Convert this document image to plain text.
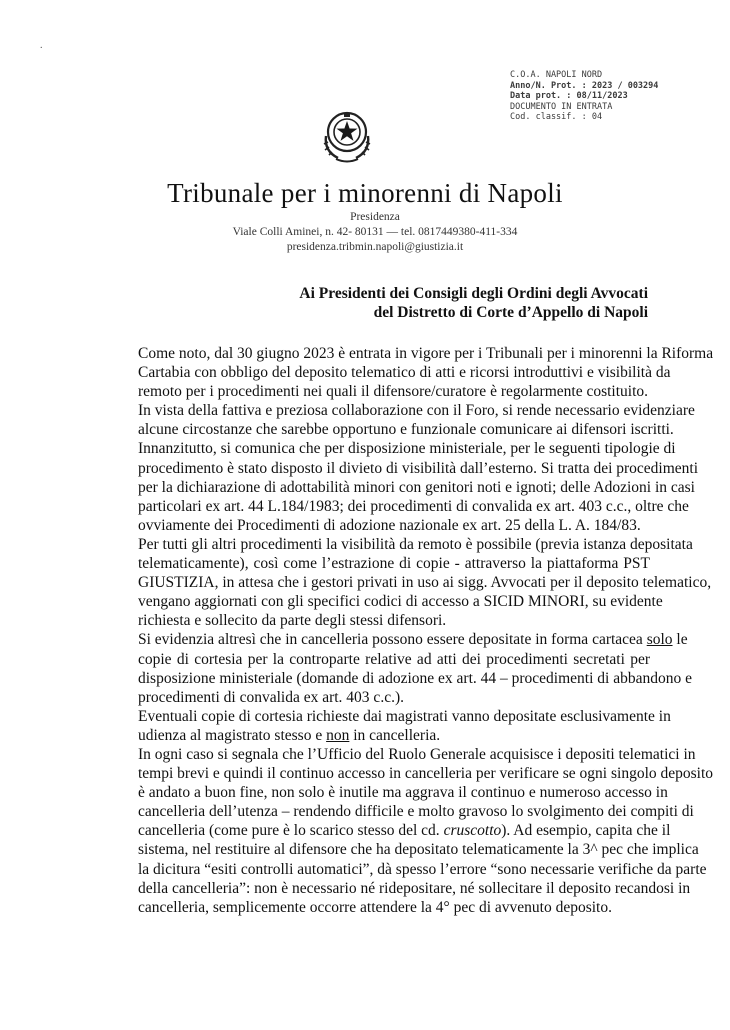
.
C.O.A. NAPOLI NORD
Anno/N. Prot. : 2023 / 003294
Data prot. : 08/11/2023
DOCUMENTO IN ENTRATA
Cod. classif. : 04
Tribunale per i minorenni di Napoli
Presidenza
Viale Colli Aminei, n. 42- 80131 — tel. 0817449380-411-334
presidenza.tribmin.napoli@giustizia.it
Ai Presidenti dei Consigli degli Ordini degli Avvocati
del Distretto di Corte d’Appello di Napoli
Come noto, dal 30 giugno 2023 è entrata in vigore per i Tribunali per i minorenni la Riforma
Cartabia con obbligo del deposito telematico di atti e ricorsi introduttivi e visibilità da
remoto per i procedimenti nei quali il difensore/curatore è regolarmente costituito.
In vista della fattiva e preziosa collaborazione con il Foro, si rende necessario evidenziare
alcune circostanze che sarebbe opportuno e funzionale comunicare ai difensori iscritti.
Innanzitutto, si comunica che per disposizione ministeriale, per le seguenti tipologie di
procedimento è stato disposto il divieto di visibilità dall’esterno. Si tratta dei procedimenti
per la dichiarazione di adottabilità minori con genitori noti e ignoti; delle Adozioni in casi
particolari ex art. 44 L.184/1983; dei procedimenti di convalida ex art. 403 c.c., oltre che
ovviamente dei Procedimenti di adozione nazionale ex art. 25 della L. A. 184/83.
Per tutti gli altri procedimenti la visibilità da remoto è possibile (previa istanza depositata
telematicamente), così come l’estrazione di copie - attraverso la piattaforma PST
GIUSTIZIA, in attesa che i gestori privati in uso ai sigg. Avvocati per il deposito telematico,
vengano aggiornati con gli specifici codici di accesso a SICID MINORI, su evidente
richiesta e sollecito da parte degli stessi difensori.
Si evidenzia altresì che in cancelleria possono essere depositate in forma cartacea solo le
copie di cortesia per la controparte relative ad atti dei procedimenti secretati per
disposizione ministeriale (domande di adozione ex art. 44 – procedimenti di abbandono e
procedimenti di convalida ex art. 403 c.c.).
Eventuali copie di cortesia richieste dai magistrati vanno depositate esclusivamente in
udienza al magistrato stesso e non in cancelleria.
In ogni caso si segnala che l’Ufficio del Ruolo Generale acquisisce i depositi telematici in
tempi brevi e quindi il continuo accesso in cancelleria per verificare se ogni singolo deposito
è andato a buon fine, non solo è inutile ma aggrava il continuo e numeroso accesso in
cancelleria dell’utenza – rendendo difficile e molto gravoso lo svolgimento dei compiti di
cancelleria (come pure è lo scarico stesso del cd. cruscotto). Ad esempio, capita che il
sistema, nel restituire al difensore che ha depositato telematicamente la 3^ pec che implica
la dicitura “esiti controlli automatici”, dà spesso l’errore “sono necessarie verifiche da parte
della cancelleria”: non è necessario né ridepositare, né sollecitare il deposito recandosi in
cancelleria, semplicemente occorre attendere la 4° pec di avvenuto deposito.
